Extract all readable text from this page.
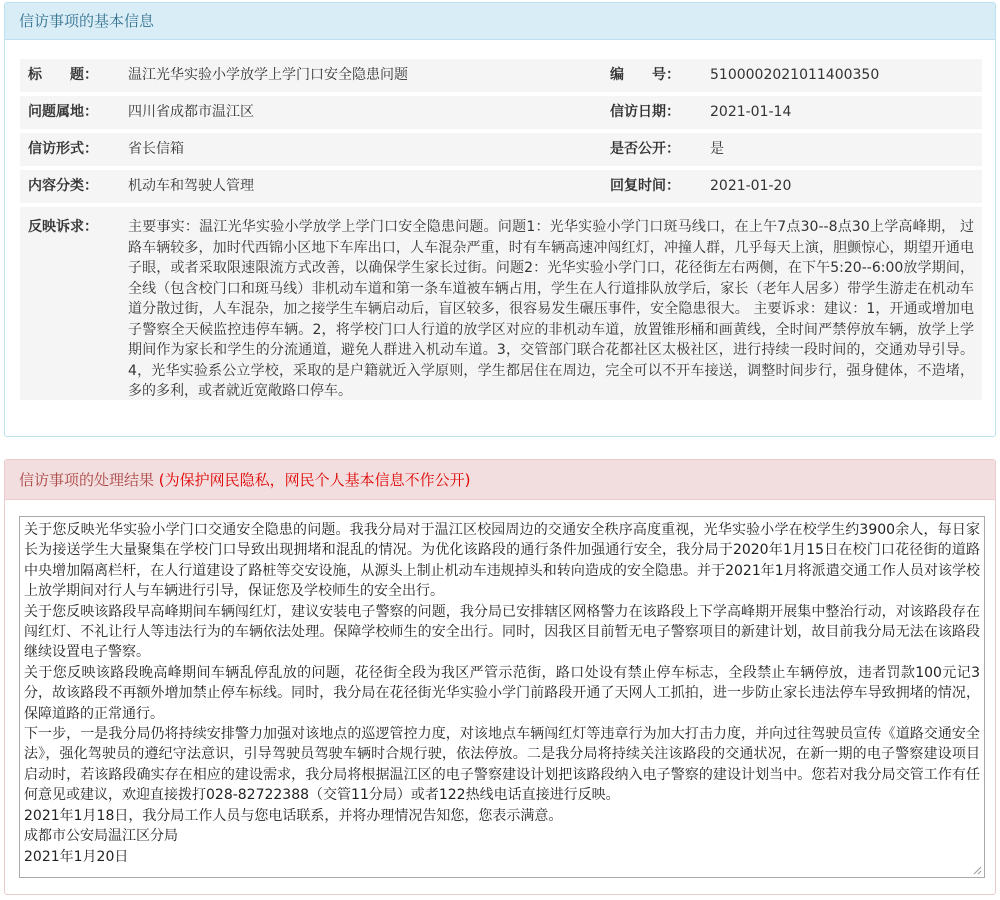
信访事项的基本信息
标　　题： 温江光华实验小学放学上学门口安全隐患问题	编　　号： 5100002021011400350
问题属地： 四川省成都市温江区	信访日期： 2021-01-14
信访形式： 省长信箱	是否公开： 是
内容分类： 机动车和驾驶人管理	回复时间： 2021-01-20
反映诉求： 主要事实：温江光华实验小学放学上学门口安全隐患问题。问题1：光华实验小学门口斑马线口，在上午7点30--8点30上学高峰期， 过路车辆较多，加时代西锦小区地下车库出口，人车混杂严重，时有车辆高速冲闯红灯，冲撞人群，几乎每天上演，胆颤惊心，期望开通电子眼，或者采取限速限流方式改善，以确保学生家长过街。问题2：光华实验小学门口，花径街左右两侧，在下午5:20--6:00放学期间，全线（包含校门口和斑马线）非机动车道和第一条车道被车辆占用，学生在人行道排队放学后，家长（老年人居多）带学生游走在机动车道分散过街，人车混杂，加之接学生车辆启动后，盲区较多，很容易发生碾压事件，安全隐患很大。 主要诉求：建议：1，开通或增加电子警察全天候监控违停车辆。2，将学校门口人行道的放学区对应的非机动车道，放置锥形桶和画黄线，全时间严禁停放车辆，放学上学期间作为家长和学生的分流通道，避免人群进入机动车道。3，交管部门联合花都社区太极社区，进行持续一段时间的，交通劝导引导。4，光华实验系公立学校，采取的是户籍就近入学原则，学生都居住在周边，完全可以不开车接送，调整时间步行，强身健体，不造堵，多的多利，或者就近宽敞路口停车。
信访事项的处理结果 (为保护网民隐私，网民个人基本信息不作公开)

关于您反映光华实验小学门口交通安全隐患的问题。我我分局对于温江区校园周边的交通安全秩序高度重视，光华实验小学在校学生约3900余人，每日家长为接送学生大量聚集在学校门口导致出现拥堵和混乱的情况。为优化该路段的通行条件加强通行安全，我分局于2020年1月15日在校门口花径街的道路中央增加隔离栏杆，在人行道建设了路桩等交安设施，从源头上制止机动车违规掉头和转向造成的安全隐患。并于2021年1月将派遣交通工作人员对该学校上放学期间对行人与车辆进行引导，保证您及学校师生的安全出行。

关于您反映该路段早高峰期间车辆闯红灯，建议安装电子警察的问题，我分局已安排辖区网格警力在该路段上下学高峰期开展集中整治行动，对该路段存在闯红灯、不礼让行人等违法行为的车辆依法处理。保障学校师生的安全出行。同时，因我区目前暂无电子警察项目的新建计划，故目前我分局无法在该路段继续设置电子警察。

关于您反映该路段晚高峰期间车辆乱停乱放的问题，花径街全段为我区严管示范街，路口处设有禁止停车标志，全段禁止车辆停放，违者罚款100元记3分，故该路段不再额外增加禁止停车标线。同时，我分局在花径街光华实验小学门前路段开通了天网人工抓拍，进一步防止家长违法停车导致拥堵的情况，保障道路的正常通行。

下一步，一是我分局仍将持续安排警力加强对该地点的巡逻管控力度，对该地点车辆闯红灯等违章行为加大打击力度，并向过往驾驶员宣传《道路交通安全法》，强化驾驶员的遵纪守法意识，引导驾驶员驾驶车辆时合规行驶，依法停放。二是我分局将持续关注该路段的交通状况，在新一期的电子警察建设项目启动时，若该路段确实存在相应的建设需求，我分局将根据温江区的电子警察建设计划把该路段纳入电子警察的建设计划当中。您若对我分局交管工作有任何意见或建议，欢迎直接拨打028-82722388（交管11分局）或者122热线电话直接进行反映。

2021年1月18日，我分局工作人员与您电话联系，并将办理情况告知您，您表示满意。

成都市公安局温江区分局

2021年1月20日
